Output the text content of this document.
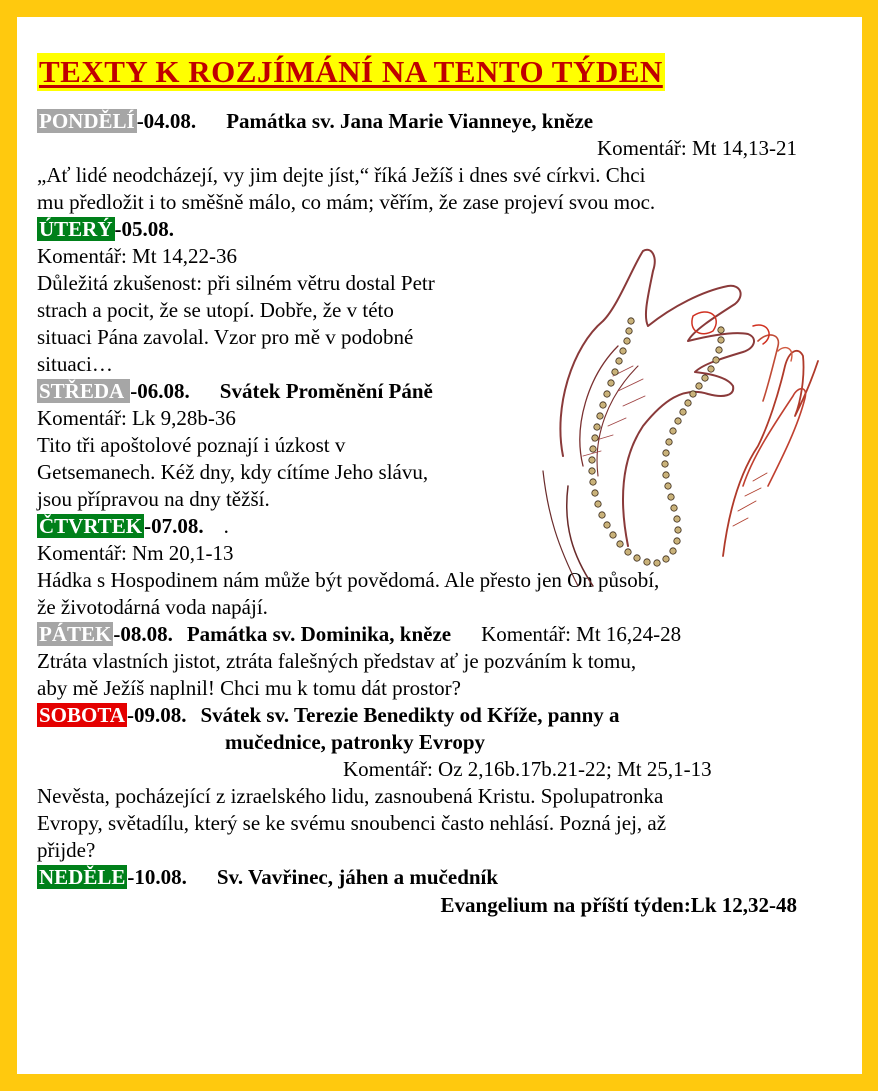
TEXTY K ROZJÍMÁNÍ NA TENTO TÝDEN
PONDĚLÍ-04.08. Památka sv. Jana Marie Vianneye, kněze
Komentář: Mt 14,13-21
„Ať lidé neodcházejí, vy jim dejte jíst,“ říká Ježíš i dnes své církvi. Chci
mu předložit i to směšně málo, co mám; věřím, že zase projeví svou moc.
ÚTERÝ-05.08.
Komentář: Mt 14,22-36
Důležitá zkušenost: při silném větru dostal Petr
strach a pocit, že se utopí. Dobře, že v této
situaci Pána zavolal. Vzor pro mě v podobné
situaci…
STŘEDA -06.08. Svátek Proměnění Páně
Komentář: Lk 9,28b-36
Tito tři apoštolové poznají i úzkost v
Getsemanech. Kéž dny, kdy cítíme Jeho slávu,
jsou přípravou na dny těžší.
ČTVRTEK-07.08. .
Komentář: Nm 20,1-13
Hádka s Hospodinem nám může být povědomá. Ale přesto jen On působí,
že životodárná voda napájí.
PÁTEK-08.08. Památka sv. Dominika, kněze Komentář: Mt 16,24-28
Ztráta vlastních jistot, ztráta falešných představ ať je pozváním k tomu,
aby mě Ježíš naplnil! Chci mu k tomu dát prostor?
SOBOTA-09.08. Svátek sv. Terezie Benedikty od Kříže, panny a
mučednice, patronky Evropy
Komentář: Oz 2,16b.17b.21-22; Mt 25,1-13
Nevěsta, pocházející z izraelského lidu, zasnoubená Kristu. Spolupatronka
Evropy, světadílu, který se ke svému snoubenci často nehlásí. Pozná jej, až
přijde?
NEDĚLE-10.08. Sv. Vavřinec, jáhen a mučedník
Evangelium na příští týden:Lk 12,32-48
